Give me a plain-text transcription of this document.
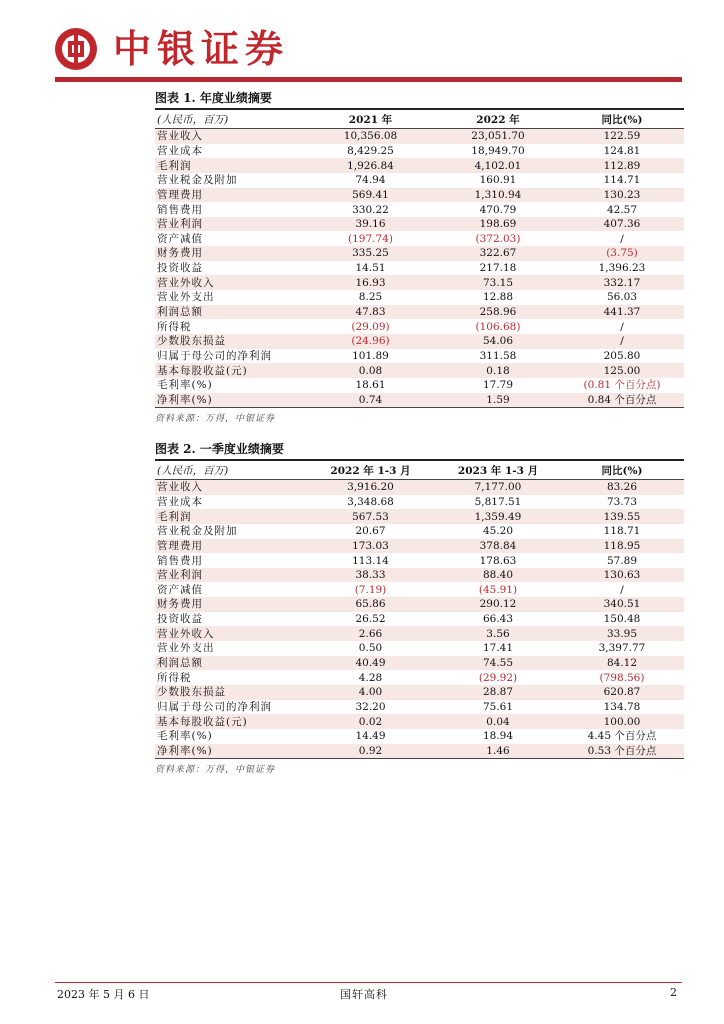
中银证券
图表 1. 年度业绩摘要
(人民币，百万)	2021 年	2022 年	同比(%)
营业收入	10,356.08	23,051.70	122.59
营业成本	8,429.25	18,949.70	124.81
毛利润	1,926.84	4,102.01	112.89
营业税金及附加	74.94	160.91	114.71
管理费用	569.41	1,310.94	130.23
销售费用	330.22	470.79	42.57
营业利润	39.16	198.69	407.36
资产减值	(197.74)	(372.03)	/
财务费用	335.25	322.67	(3.75)
投资收益	14.51	217.18	1,396.23
营业外收入	16.93	73.15	332.17
营业外支出	8.25	12.88	56.03
利润总额	47.83	258.96	441.37
所得税	(29.09)	(106.68)	/
少数股东损益	(24.96)	54.06	/
归属于母公司的净利润	101.89	311.58	205.80
基本每股收益(元)	0.08	0.18	125.00
毛利率(%)	18.61	17.79	(0.81 个百分点)
净利率(%)	0.74	1.59	0.84 个百分点
资料来源：万得，中银证券
图表 2. 一季度业绩摘要
(人民币，百万)	2022 年 1-3 月	2023 年 1-3 月	同比(%)
营业收入	3,916.20	7,177.00	83.26
营业成本	3,348.68	5,817.51	73.73
毛利润	567.53	1,359.49	139.55
营业税金及附加	20.67	45.20	118.71
管理费用	173.03	378.84	118.95
销售费用	113.14	178.63	57.89
营业利润	38.33	88.40	130.63
资产减值	(7.19)	(45.91)	/
财务费用	65.86	290.12	340.51
投资收益	26.52	66.43	150.48
营业外收入	2.66	3.56	33.95
营业外支出	0.50	17.41	3,397.77
利润总额	40.49	74.55	84.12
所得税	4.28	(29.92)	(798.56)
少数股东损益	4.00	28.87	620.87
归属于母公司的净利润	32.20	75.61	134.78
基本每股收益(元)	0.02	0.04	100.00
毛利率(%)	14.49	18.94	4.45 个百分点
净利率(%)	0.92	1.46	0.53 个百分点
资料来源：万得，中银证券
2023 年 5 月 6 日	国轩高科	2
